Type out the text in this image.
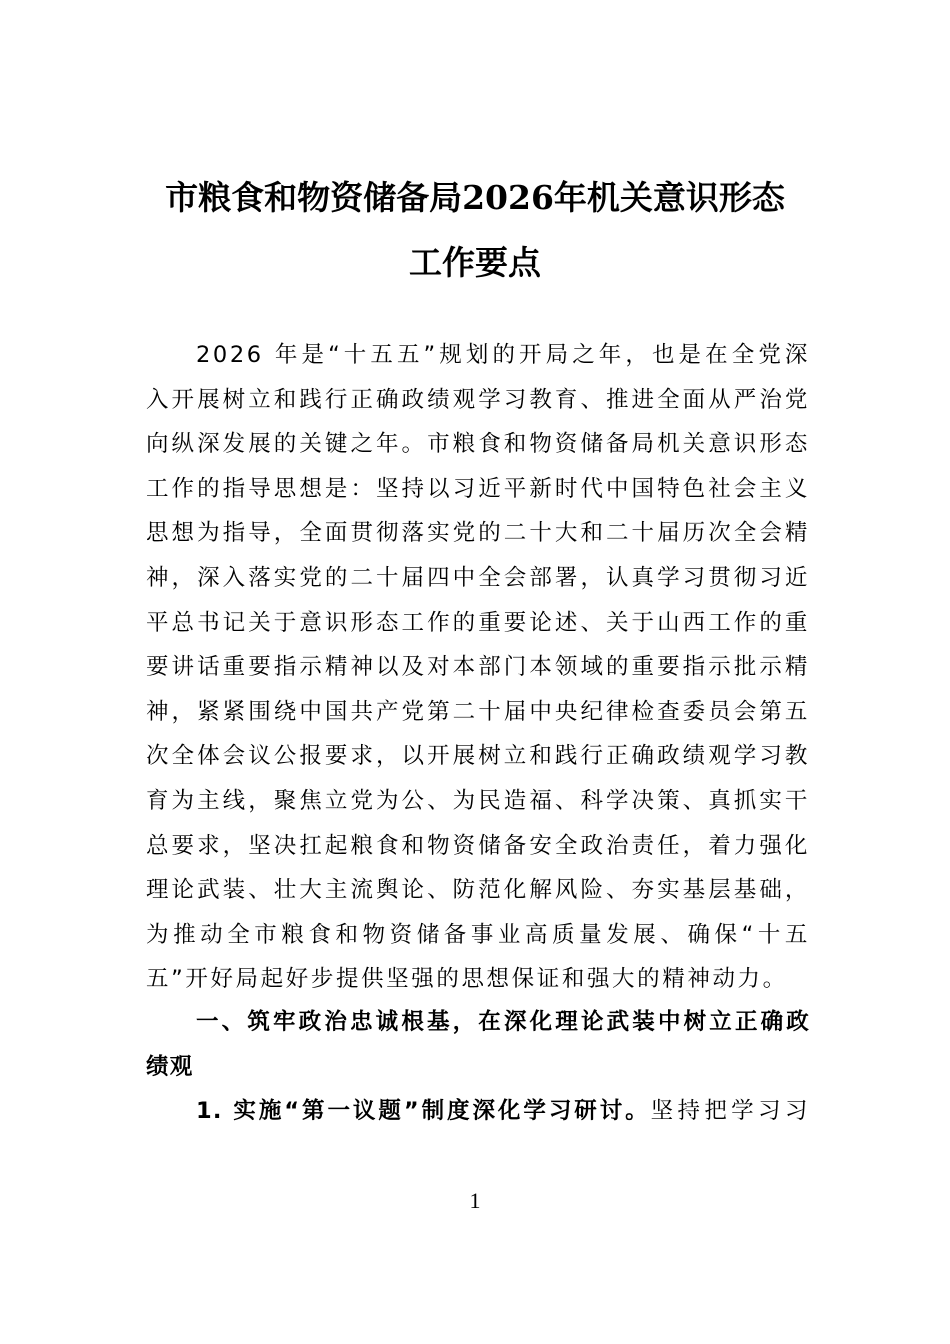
市粮食和物资储备局2026年机关意识形态
工作要点
2026 年是“十五五”规划的开局之年，也是在全党深
入开展树立和践行正确政绩观学习教育、推进全面从严治党
向纵深发展的关键之年。市粮食和物资储备局机关意识形态
工作的指导思想是：坚持以习近平新时代中国特色社会主义
思想为指导，全面贯彻落实党的二十大和二十届历次全会精
神，深入落实党的二十届四中全会部署，认真学习贯彻习近
平总书记关于意识形态工作的重要论述、关于山西工作的重
要讲话重要指示精神以及对本部门本领域的重要指示批示精
神，紧紧围绕中国共产党第二十届中央纪律检查委员会第五
次全体会议公报要求，以开展树立和践行正确政绩观学习教
育为主线，聚焦立党为公、为民造福、科学决策、真抓实干
总要求，坚决扛起粮食和物资储备安全政治责任，着力强化
理论武装、壮大主流舆论、防范化解风险、夯实基层基础，
为推动全市粮食和物资储备事业高质量发展、确保“十五
五”开好局起好步提供坚强的思想保证和强大的精神动力。
一、筑牢政治忠诚根基，在深化理论武装中树立正确政
绩观
1. 实施“第一议题”制度深化学习研讨。坚持把学习习
1
